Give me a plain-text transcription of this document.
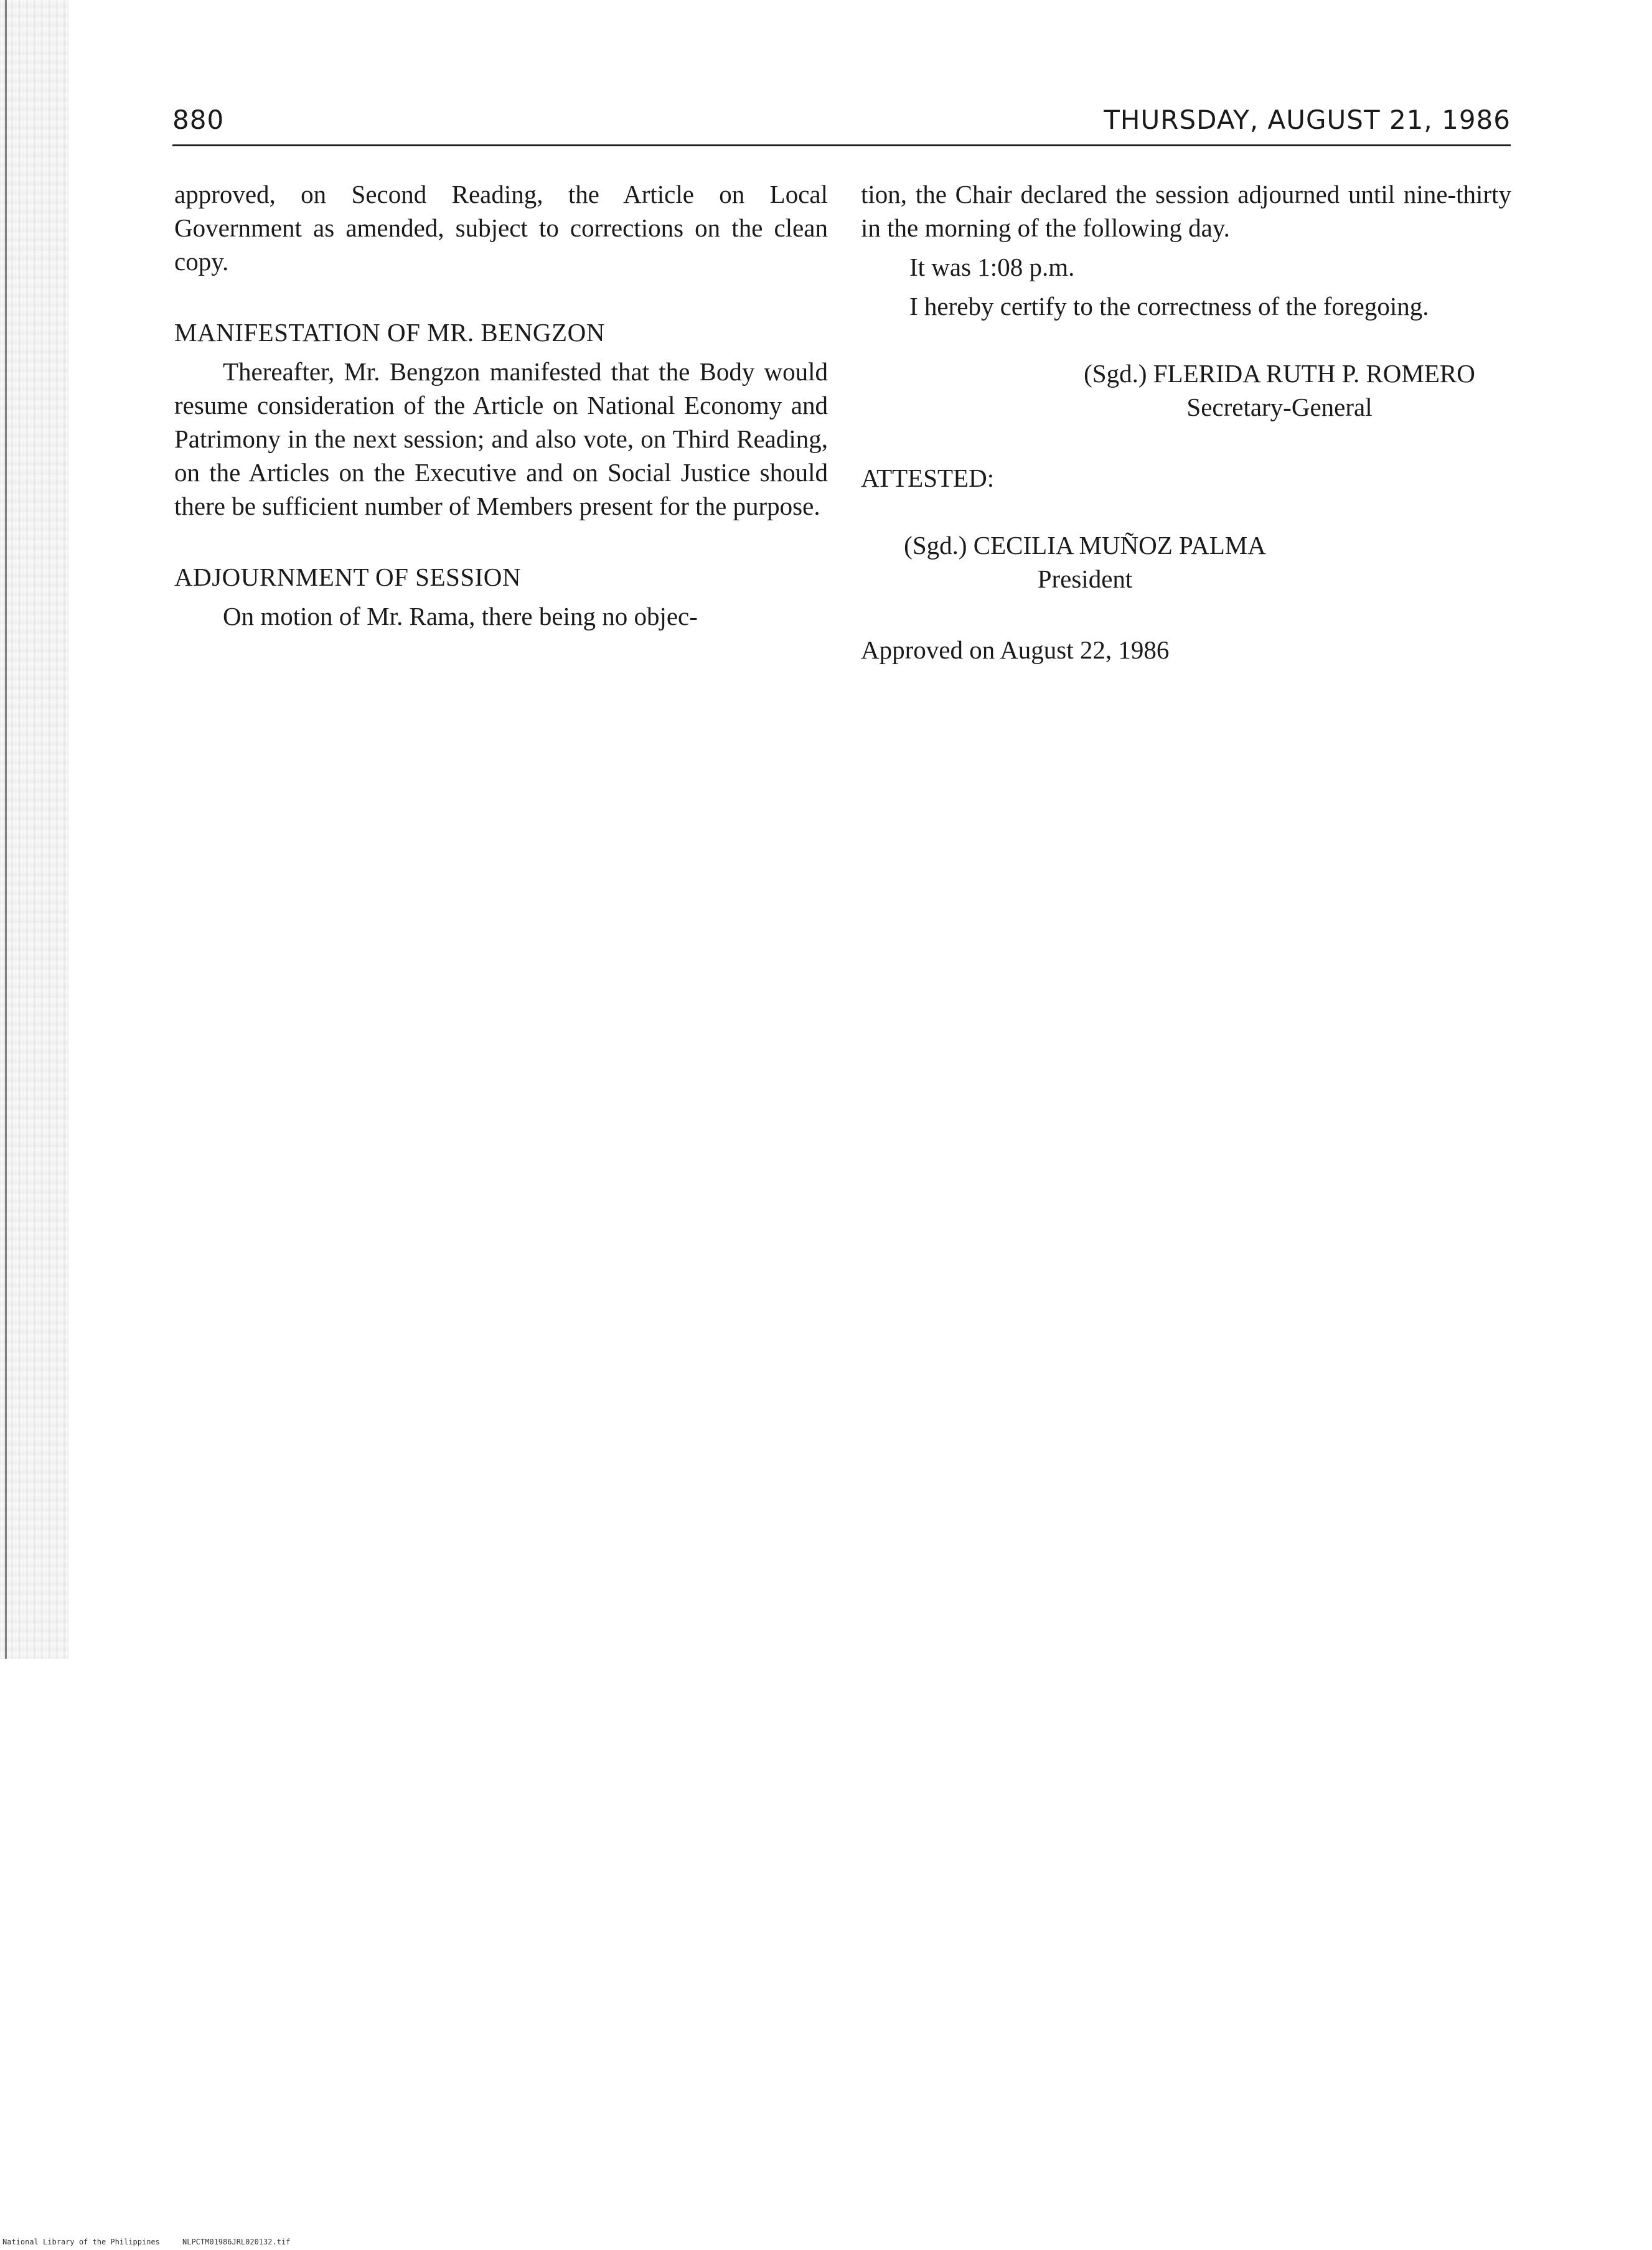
880	THURSDAY, AUGUST 21, 1986

approved, on Second Reading, the Article on Local Government as amended, subject to corrections on the clean copy.

MANIFESTATION OF MR. BENGZON

Thereafter, Mr. Bengzon manifested that the Body would resume consideration of the Article on National Economy and Patrimony in the next session; and also vote, on Third Reading, on the Articles on the Executive and on Social Justice should there be sufficient number of Members present for the purpose.

ADJOURNMENT OF SESSION

On motion of Mr. Rama, there being no objec-

tion, the Chair declared the session adjourned until nine-thirty in the morning of the following day.

It was 1:08 p.m.

I hereby certify to the correctness of the foregoing.

(Sgd.) FLERIDA RUTH P. ROMERO
Secretary-General
ATTESTED:
(Sgd.) CECILIA MUÑOZ PALMA
President
Approved on August 22, 1986
National Library of the Philippines	NLPCTM01986JRL020132.tif
